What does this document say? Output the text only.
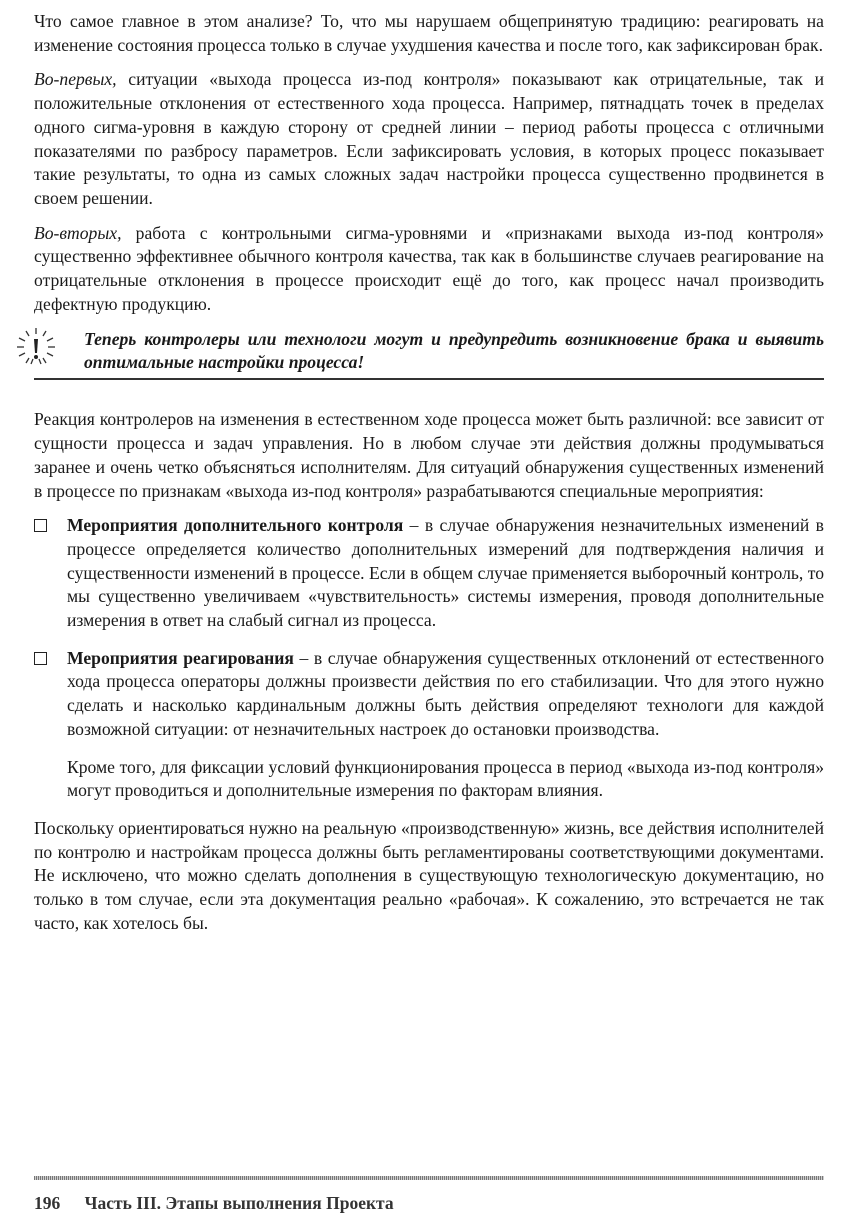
Что самое главное в этом анализе? То, что мы нарушаем общепринятую традицию: реагировать на изменение состояния процесса только в случае ухудшения качества и после того, как зафиксирован брак.

Во-первых, ситуации «выхода процесса из-под контроля» показывают как отрицательные, так и положительные отклонения от естественного хода процесса. Например, пятнадцать точек в пределах одного сигма-уровня в каждую сторону от средней линии – период работы процесса с отличными показателями по разбросу параметров. Если зафиксировать условия, в которых процесс показывает такие результаты, то одна из самых сложных задач настройки процесса существенно продвинется в своем решении.

Во-вторых, работа с контрольными сигма-уровнями и «признаками выхода из-под контроля» существенно эффективнее обычного контроля качества, так как в большинстве случаев реагирование на отрицательные отклонения в процессе происходит ещё до того, как процесс начал производить дефектную продукцию.

Теперь контролеры или технологи могут и предупредить возникновение брака и выявить оптимальные настройки процесса!

Реакция контролеров на изменения в естественном ходе процесса может быть различной: все зависит от сущности процесса и задач управления. Но в любом случае эти действия должны продумываться заранее и очень четко объясняться исполнителям. Для ситуаций обнаружения существенных изменений в процессе по признакам «выхода из-под контроля» разрабатываются специальные мероприятия:

Мероприятия дополнительного контроля – в случае обнаружения незначительных изменений в процессе определяется количество дополнительных измерений для подтверждения наличия и существенности изменений в процессе. Если в общем случае применяется выборочный контроль, то мы существенно увеличиваем «чувствительность» системы измерения, проводя дополнительные измерения в ответ на слабый сигнал из процесса.

Мероприятия реагирования – в случае обнаружения существенных отклонений от естественного хода процесса операторы должны произвести действия по его стабилизации. Что для этого нужно сделать и насколько кардинальным должны быть действия определяют технологи для каждой возможной ситуации: от незначительных настроек до остановки производства.

Кроме того, для фиксации условий функционирования процесса в период «выхода из-под контроля» могут проводиться и дополнительные измерения по факторам влияния.

Поскольку ориентироваться нужно на реальную «производственную» жизнь, все действия исполнителей по контролю и настройкам процесса должны быть регламентированы соответствующими документами. Не исключено, что можно сделать дополнения в существующую технологическую документацию, но только в том случае, если эта документация реально «рабочая». К сожалению, это встречается не так часто, как хотелось бы.

196 Часть III. Этапы выполнения Проекта
